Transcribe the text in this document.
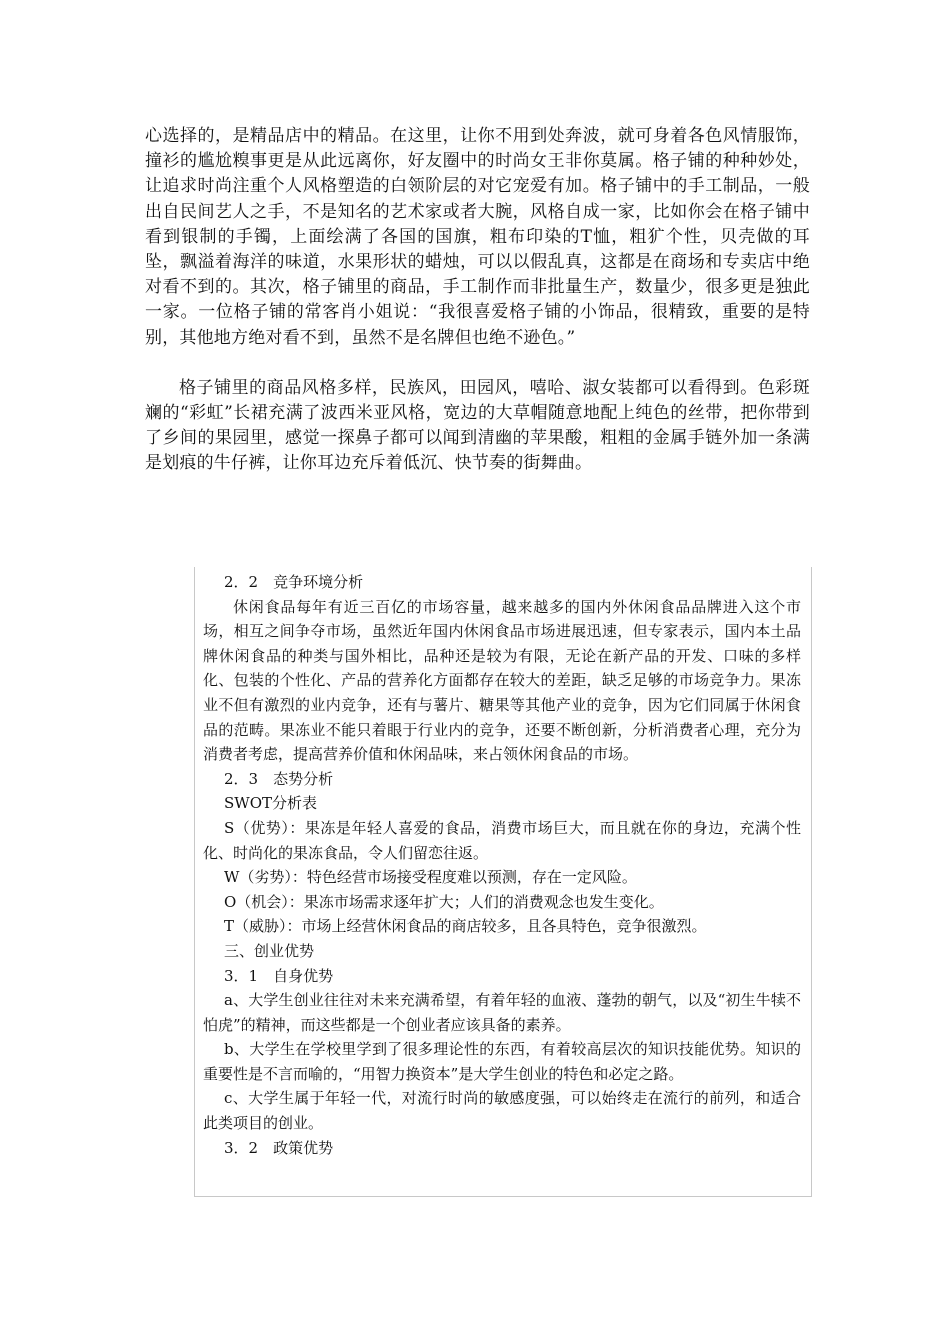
心选择的，是精品店中的精品。在这里，让你不用到处奔波，就可身着各色风情服饰，撞衫的尴尬糗事更是从此远离你，好友圈中的时尚女王非你莫属。格子铺的种种妙处，让追求时尚注重个人风格塑造的白领阶层的对它宠爱有加。格子铺中的手工制品，一般出自民间艺人之手，不是知名的艺术家或者大腕，风格自成一家，比如你会在格子铺中看到银制的手镯，上面绘满了各国的国旗，粗布印染的T恤，粗犷个性，贝壳做的耳坠，飘溢着海洋的味道，水果形状的蜡烛，可以以假乱真，这都是在商场和专卖店中绝对看不到的。其次，格子铺里的商品，手工制作而非批量生产，数量少，很多更是独此一家。一位格子铺的常客肖小姐说：“我很喜爱格子铺的小饰品，很精致，重要的是特别，其他地方绝对看不到，虽然不是名牌但也绝不逊色。”

格子铺里的商品风格多样，民族风，田园风，嘻哈、淑女装都可以看得到。色彩斑斓的“彩虹”长裙充满了波西米亚风格，宽边的大草帽随意地配上纯色的丝带，把你带到了乡间的果园里，感觉一探鼻子都可以闻到清幽的苹果酸，粗粗的金属手链外加一条满是划痕的牛仔裤，让你耳边充斥着低沉、快节奏的街舞曲。

2．2　竞争环境分析

休闲食品每年有近三百亿的市场容量，越来越多的国内外休闲食品品牌进入这个市场，相互之间争夺市场，虽然近年国内休闲食品市场进展迅速，但专家表示，国内本土品牌休闲食品的种类与国外相比，品种还是较为有限，无论在新产品的开发、口味的多样化、包装的个性化、产品的营养化方面都存在较大的差距，缺乏足够的市场竞争力。果冻业不但有激烈的业内竞争，还有与薯片、糖果等其他产业的竞争，因为它们同属于休闲食品的范畴。果冻业不能只着眼于行业内的竞争，还要不断创新，分析消费者心理，充分为消费者考虑，提高营养价值和休闲品味，来占领休闲食品的市场。

2．3　态势分析

SWOT分析表

S（优势）：果冻是年轻人喜爱的食品，消费市场巨大，而且就在你的身边，充满个性化、时尚化的果冻食品，令人们留恋往返。

W（劣势）：特色经营市场接受程度难以预测，存在一定风险。

O（机会）：果冻市场需求逐年扩大；人们的消费观念也发生变化。

T（威胁）：市场上经营休闲食品的商店较多，且各具特色，竞争很激烈。

三、创业优势

3．1　自身优势

a、大学生创业往往对未来充满希望，有着年轻的血液、蓬勃的朝气，以及“初生牛犊不怕虎”的精神，而这些都是一个创业者应该具备的素养。

b、大学生在学校里学到了很多理论性的东西，有着较高层次的知识技能优势。知识的重要性是不言而喻的，“用智力换资本”是大学生创业的特色和必定之路。

c、大学生属于年轻一代，对流行时尚的敏感度强，可以始终走在流行的前列，和适合此类项目的创业。

3．2　政策优势
